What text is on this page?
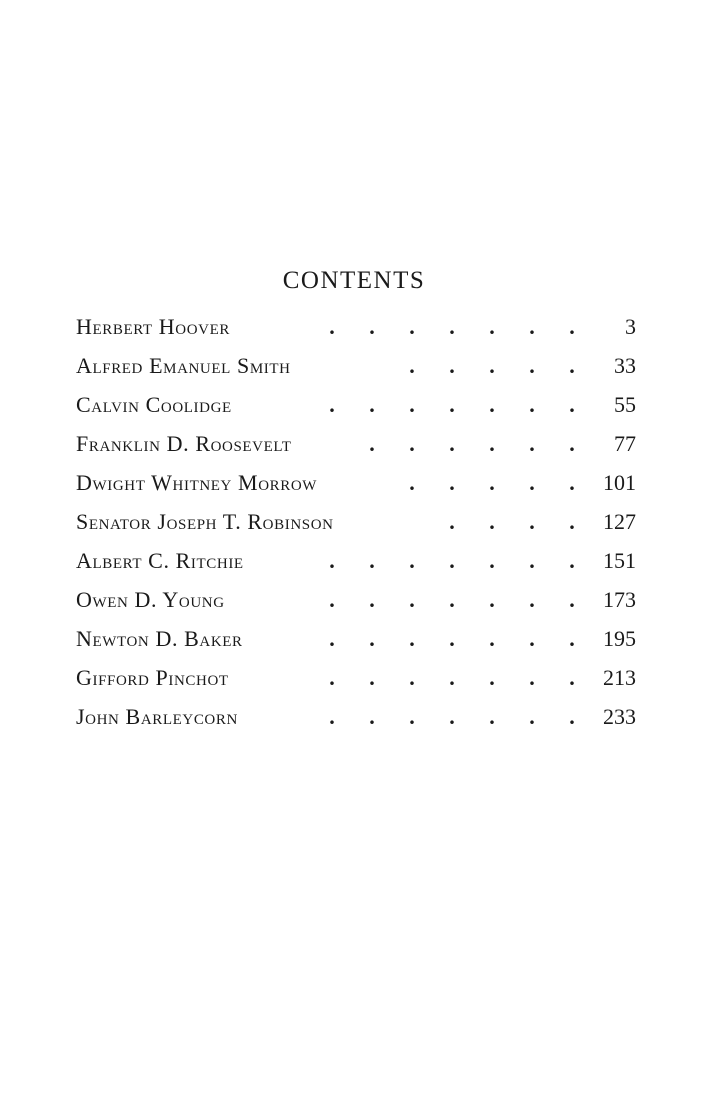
CONTENTS
Herbert Hoover	.	.	.	.	.	.	.	3
Alfred Emanuel Smith	.	.	.	.	.	33
Calvin Coolidge	.	.	.	.	.	.	.	55
Franklin D. Roosevelt	.	.	.	.	.	.	77
Dwight Whitney Morrow	.	.	.	.	.	101
Senator Joseph T. Robinson	.	.	.	.	127
Albert C. Ritchie	.	.	.	.	.	.	.	151
Owen D. Young	.	.	.	.	.	.	.	173
Newton D. Baker	.	.	.	.	.	.	.	195
Gifford Pinchot	.	.	.	.	.	.	.	213
John Barleycorn	.	.	.	.	.	.	.	233
